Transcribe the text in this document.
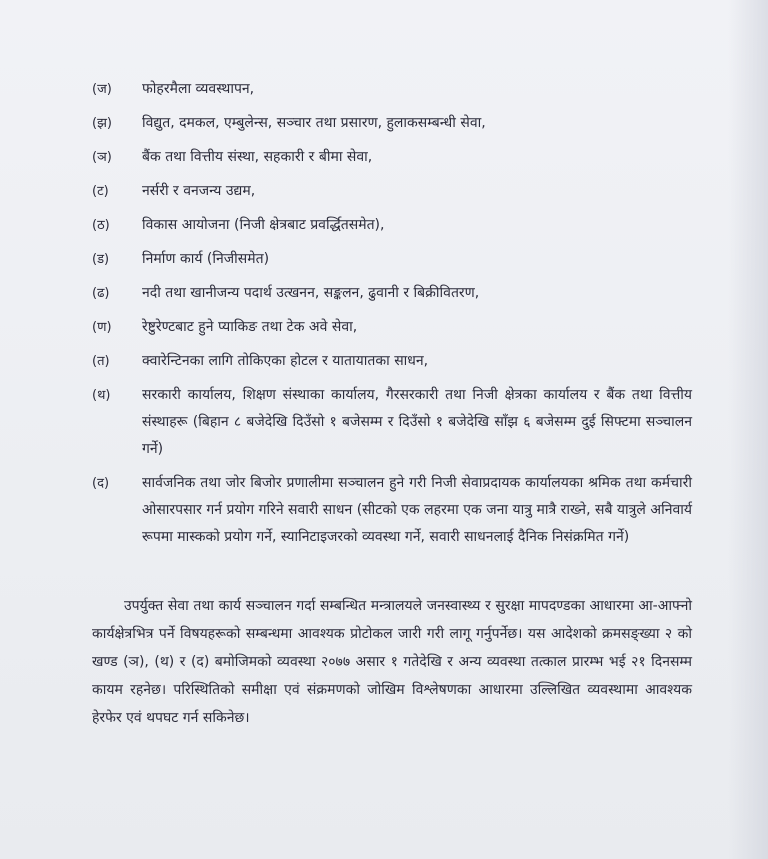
(ज)	फोहरमैला व्यवस्थापन,
(झ)	विद्युत, दमकल, एम्बुलेन्स, सञ्चार तथा प्रसारण, हुलाकसम्बन्धी सेवा,
(ञ)	बैंक तथा वित्तीय संस्था, सहकारी र बीमा सेवा,
(ट)	नर्सरी र वनजन्य उद्यम,
(ठ)	विकास आयोजना (निजी क्षेत्रबाट प्रवर्द्धितसमेत),
(ड)	निर्माण कार्य (निजीसमेत)
(ढ)	नदी तथा खानीजन्य पदार्थ उत्खनन, सङ्कलन, ढुवानी र बिक्रीवितरण,
(ण)	रेष्टुरेण्टबाट हुने प्याकिङ तथा टेक अवे सेवा,
(त)	क्वारेन्टिनका लागि तोकिएका होटल र यातायातका साधन,
(थ)	सरकारी कार्यालय, शिक्षण संस्थाका कार्यालय, गैरसरकारी तथा निजी क्षेत्रका कार्यालय र बैंक तथा वित्तीय संस्थाहरू (बिहान ८ बजेदेखि दिउँसो १ बजेसम्म र दिउँसो १ बजेदेखि साँझ ६ बजेसम्म दुई सिफ्टमा सञ्चालन गर्ने)
(द)	सार्वजनिक तथा जोर बिजोर प्रणालीमा सञ्चालन हुने गरी निजी सेवाप्रदायक कार्यालयका श्रमिक तथा कर्मचारी ओसारपसार गर्न प्रयोग गरिने सवारी साधन (सीटको एक लहरमा एक जना यात्रु मात्रै राख्ने, सबै यात्रुले अनिवार्य रूपमा मास्कको प्रयोग गर्ने, स्यानिटाइजरको व्यवस्था गर्ने, सवारी साधनलाई दैनिक निसंक्रमित गर्ने)

उपर्युक्त सेवा तथा कार्य सञ्चालन गर्दा सम्बन्धित मन्त्रालयले जनस्वास्थ्य र सुरक्षा मापदण्डका आधारमा आ-आफ्नो कार्यक्षेत्रभित्र पर्ने विषयहरूको सम्बन्धमा आवश्यक प्रोटोकल जारी गरी लागू गर्नुपर्नेछ। यस आदेशको क्रमसङ्ख्या २ को खण्ड (ञ), (थ) र (द) बमोजिमको व्यवस्था २०७७ असार १ गतेदेखि र अन्य व्यवस्था तत्काल प्रारम्भ भई २१ दिनसम्म कायम रहनेछ। परिस्थितिको समीक्षा एवं संक्रमणको जोखिम विश्लेषणका आधारमा उल्लिखित व्यवस्थामा आवश्यक हेरफेर एवं थपघट गर्न सकिनेछ।
